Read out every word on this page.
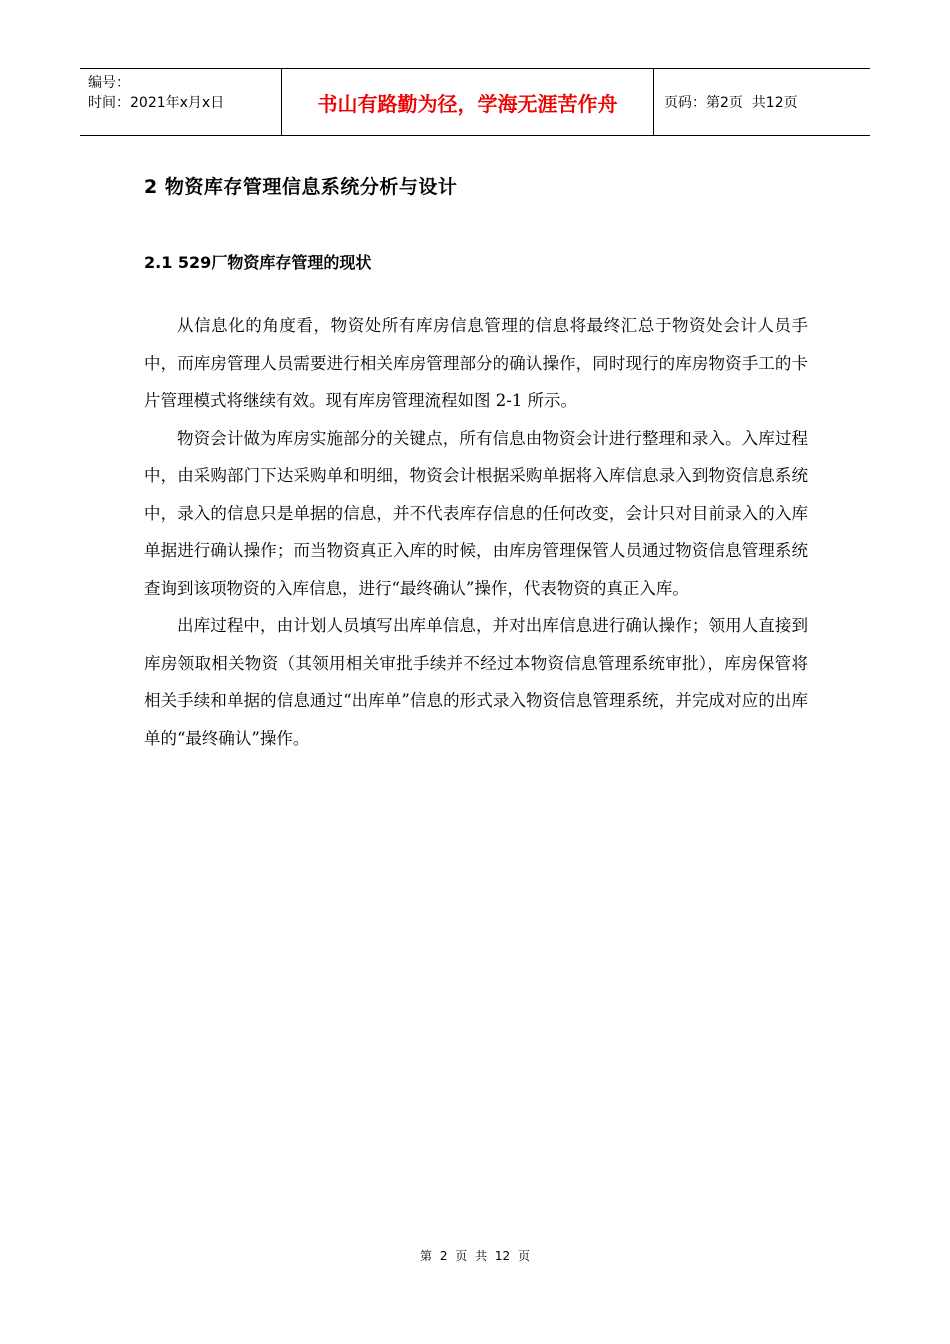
编号：
时间：2021年x月x日	书山有路勤为径，学海无涯苦作舟	页码：第2页  共12页
2 物资库存管理信息系统分析与设计
2.1 529厂物资库存管理的现状

从信息化的角度看，物资处所有库房信息管理的信息将最终汇总于物资处会计人员手中，而库房管理人员需要进行相关库房管理部分的确认操作，同时现行的库房物资手工的卡片管理模式将继续有效。现有库房管理流程如图 2-1 所示。

物资会计做为库房实施部分的关键点，所有信息由物资会计进行整理和录入。入库过程中，由采购部门下达采购单和明细，物资会计根据采购单据将入库信息录入到物资信息系统中，录入的信息只是单据的信息，并不代表库存信息的任何改变，会计只对目前录入的入库单据进行确认操作；而当物资真正入库的时候，由库房管理保管人员通过物资信息管理系统查询到该项物资的入库信息，进行“最终确认”操作，代表物资的真正入库。

出库过程中，由计划人员填写出库单信息，并对出库信息进行确认操作；领用人直接到库房领取相关物资（其领用相关审批手续并不经过本物资信息管理系统审批），库房保管将相关手续和单据的信息通过“出库单”信息的形式录入物资信息管理系统，并完成对应的出库单的“最终确认”操作。

第 2 页 共 12 页
